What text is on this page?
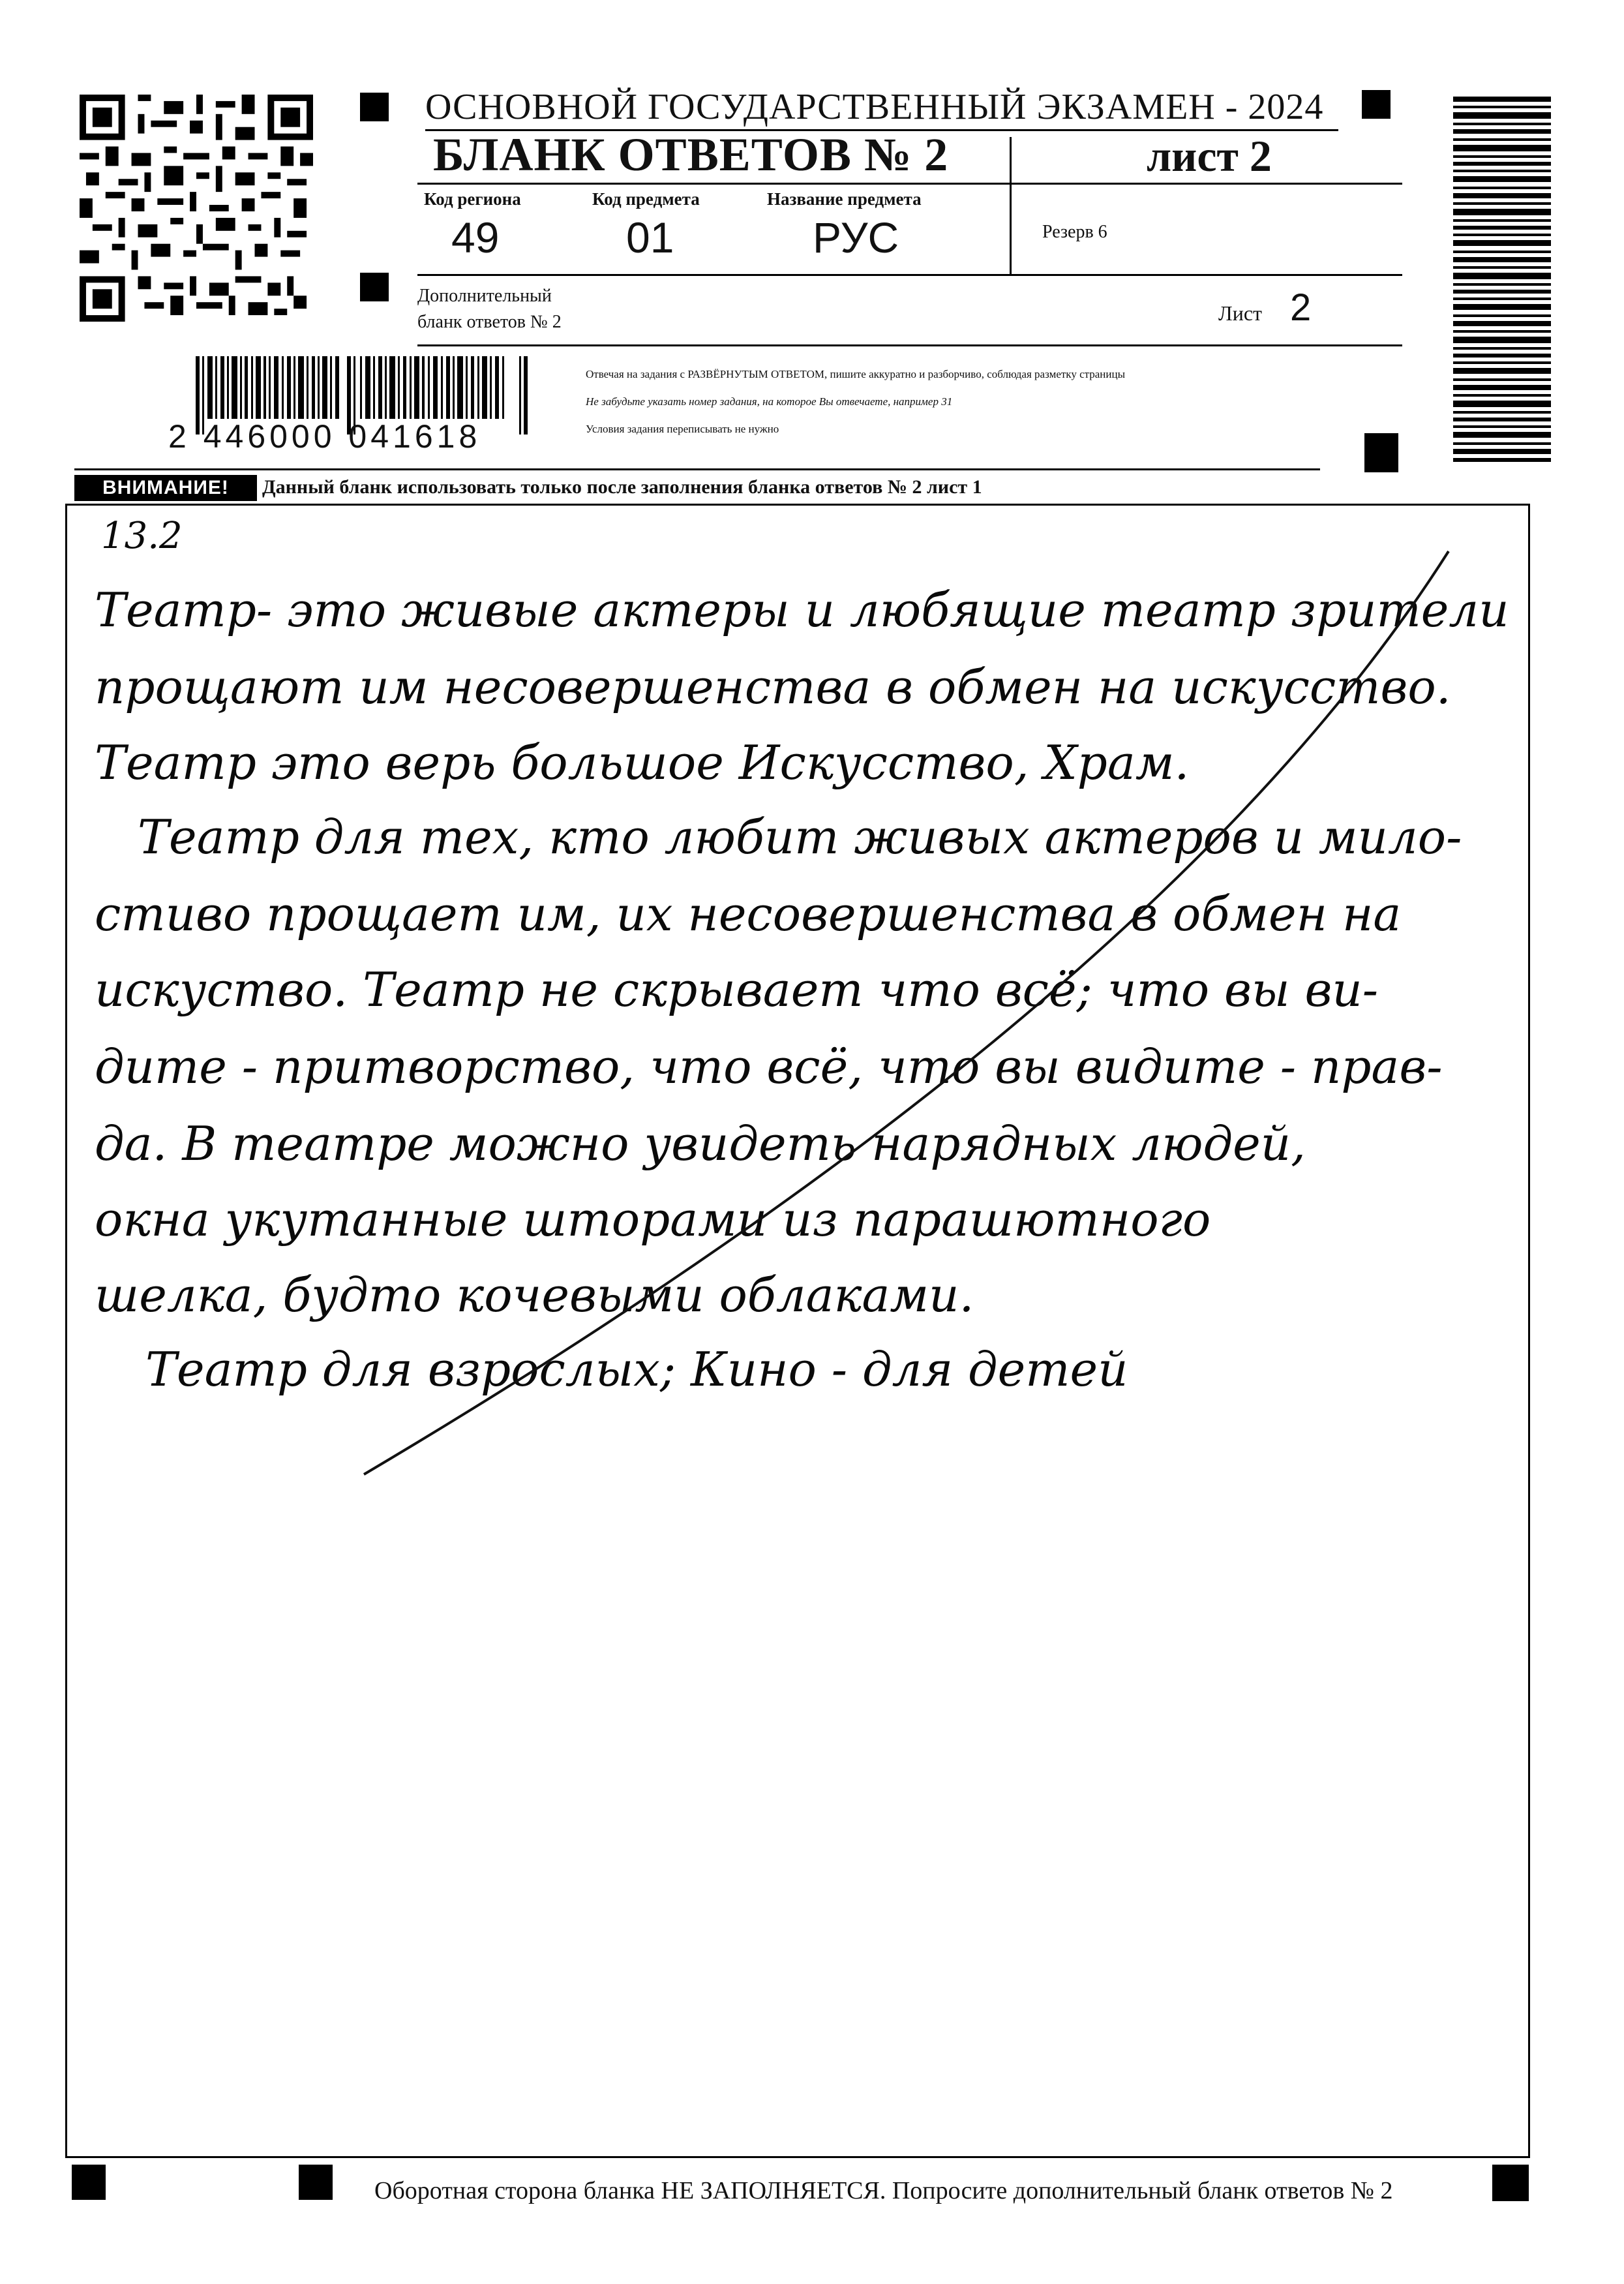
ОСНОВНОЙ ГОСУДАРСТВЕННЫЙ ЭКЗАМЕН - 2024
БЛАНК ОТВЕТОВ № 2	лист 2
Код региона
49
Код предмета
01
Название предмета
РУС	Резерв 6
Дополнительный
бланк ответов № 2	Лист 2
Отвечая на задания с РАЗВЁРНУТЫМ ОТВЕТОМ, пишите аккуратно и разборчиво, соблюдая разметку страницы
Не забудьте указать номер задания, на которое Вы отвечаете, например 31
Условия задания переписывать не нужно
2 446000 041618
ВНИМАНИЕ!	Данный бланк использовать только после заполнения бланка ответов № 2 лист 1
13.2
Театр- это живые актеры и любящие театр зрители
прощают им несовершенства в обмен на искусство.
Театр это верь большое Искусство, Храм.
Театр для тех, кто любит живых актеров и мило-
стиво прощает им, их несовершенства в обмен на
искуство. Театр не скрывает что всё; что вы ви-
дите - притворство, что всё, что вы видите - прав-
да. В театре можно увидеть нарядных людей,
окна укутанные шторами из парашютного
шелка, будто кочевыми облаками.
Театр для взрослых; Кино - для детей
Оборотная сторона бланка НЕ ЗАПОЛНЯЕТСЯ. Попросите дополнительный бланк ответов № 2
